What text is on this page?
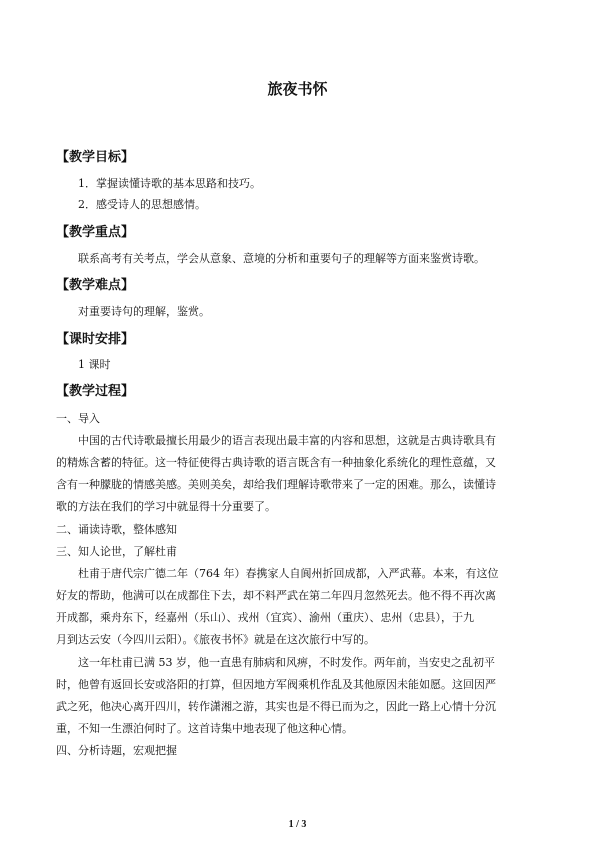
旅夜书怀
【教学目标】
1．掌握读懂诗歌的基本思路和技巧。
2．感受诗人的思想感情。
【教学重点】
联系高考有关考点，学会从意象、意境的分析和重要句子的理解等方面来鉴赏诗歌。
【教学难点】
对重要诗句的理解，鉴赏。
【课时安排】
1 课时
【教学过程】
一、导入
中国的古代诗歌最擅长用最少的语言表现出最丰富的内容和思想，这就是古典诗歌具有
的精炼含蓄的特征。这一特征使得古典诗歌的语言既含有一种抽象化系统化的理性意蕴，又
含有一种朦胧的情感美感。美则美矣，却给我们理解诗歌带来了一定的困难。那么，读懂诗
歌的方法在我们的学习中就显得十分重要了。
二、诵读诗歌，整体感知
三、知人论世，了解杜甫
杜甫于唐代宗广德二年（764 年）春携家人自阆州折回成都，入严武幕。本来，有这位
好友的帮助，他满可以在成都住下去，却不料严武在第二年四月忽然死去。他不得不再次离
开成都，乘舟东下，经嘉州（乐山）、戎州（宜宾）、渝州（重庆）、忠州（忠县），于九
月到达云安（今四川云阳）。《旅夜书怀》就是在这次旅行中写的。
这一年杜甫已满 53 岁，他一直患有肺病和风痹，不时发作。两年前，当安史之乱初平
时，他曾有返回长安或洛阳的打算，但因地方军阀乘机作乱及其他原因未能如愿。这回因严
武之死，他决心离开四川，转作潇湘之游，其实也是不得已而为之，因此一路上心情十分沉
重，不知一生漂泊何时了。这首诗集中地表现了他这种心情。
四、分析诗题，宏观把握
1 / 3
